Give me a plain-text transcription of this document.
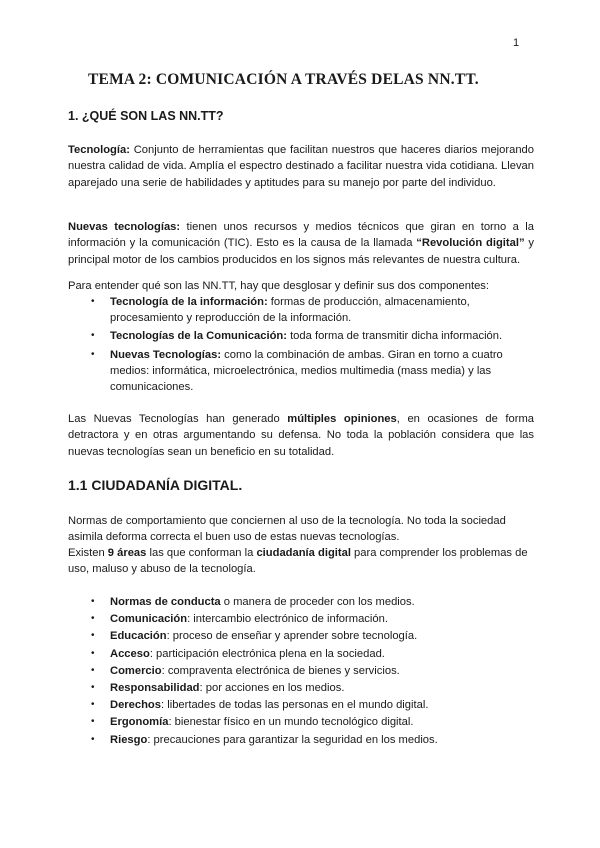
1
TEMA 2: COMUNICACIÓN A TRAVÉS DELAS NN.TT.
1. ¿QUÉ SON LAS NN.TT?

Tecnología: Conjunto de herramientas que facilitan nuestros que haceres diarios mejorando nuestra calidad de vida. Amplía el espectro destinado a facilitar nuestra vida cotidiana. Llevan aparejado una serie de habilidades y aptitudes para su manejo por parte del individuo.

Nuevas tecnologías: tienen unos recursos y medios técnicos que giran en torno a la información y la comunicación (TIC). Esto es la causa de la llamada “Revolución digital” y principal motor de los cambios producidos en los signos más relevantes de nuestra cultura.

Para entender qué son las NN.TT, hay que desglosar y definir sus dos componentes:

• Tecnología de la información: formas de producción, almacenamiento, procesamiento y reproducción de la información.
• Tecnologías de la Comunicación: toda forma de transmitir dicha información.
• Nuevas Tecnologías: como la combinación de ambas. Giran en torno a cuatro medios: informática, microelectrónica, medios multimedia (mass media) y las comunicaciones.

Las Nuevas Tecnologías han generado múltiples opiniones, en ocasiones de forma detractora y en otras argumentando su defensa. No toda la población considera que las nuevas tecnologías sean un beneficio en su totalidad.

1.1 CIUDADANÍA DIGITAL.

Normas de comportamiento que conciernen al uso de la tecnología. No toda la sociedad asimila deforma correcta el buen uso de estas nuevas tecnologías.

Existen 9 áreas las que conforman la ciudadanía digital para comprender los problemas de uso, maluso y abuso de la tecnología.

• Normas de conducta o manera de proceder con los medios.
• Comunicación: intercambio electrónico de información.
• Educación: proceso de enseñar y aprender sobre tecnología.
• Acceso: participación electrónica plena en la sociedad.
• Comercio: compraventa electrónica de bienes y servicios.
• Responsabilidad: por acciones en los medios.
• Derechos: libertades de todas las personas en el mundo digital.
• Ergonomía: bienestar físico en un mundo tecnológico digital.
• Riesgo: precauciones para garantizar la seguridad en los medios.
